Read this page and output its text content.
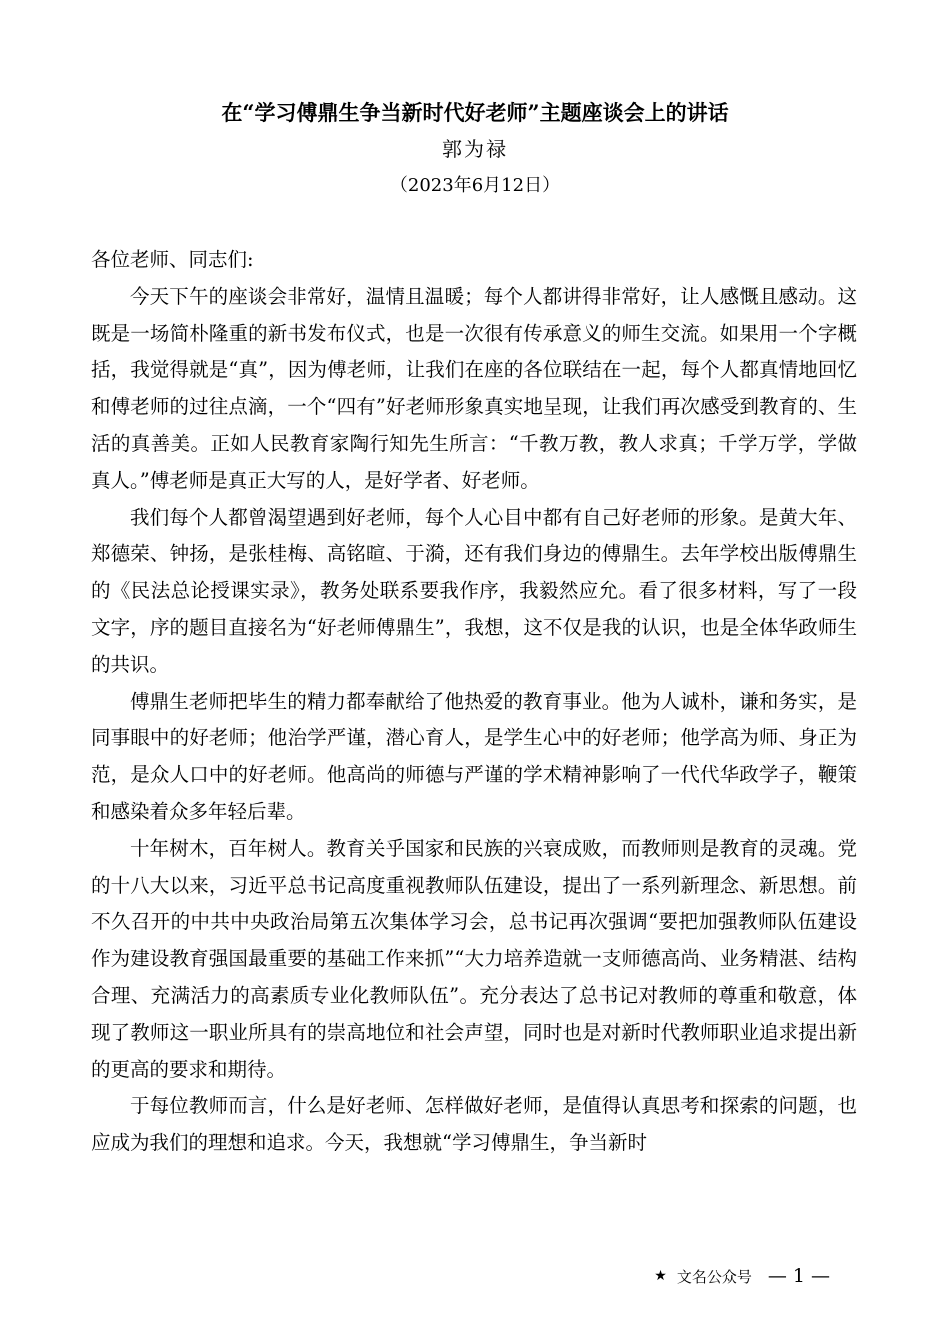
在“学习傅鼎生争当新时代好老师”主题座谈会上的讲话
郭为禄
（2023年6月12日）

各位老师、同志们:

今天下午的座谈会非常好，温情且温暖；每个人都讲得非常好，让人感慨且感动。这既是一场简朴隆重的新书发布仪式，也是一次很有传承意义的师生交流。如果用一个字概括，我觉得就是“真”，因为傅老师，让我们在座的各位联结在一起，每个人都真情地回忆和傅老师的过往点滴，一个“四有”好老师形象真实地呈现，让我们再次感受到教育的、生活的真善美。正如人民教育家陶行知先生所言：“千教万教，教人求真；千学万学，学做真人。”傅老师是真正大写的人，是好学者、好老师。

我们每个人都曾渴望遇到好老师，每个人心目中都有自己好老师的形象。是黄大年、郑德荣、钟扬，是张桂梅、高铭暄、于漪，还有我们身边的傅鼎生。去年学校出版傅鼎生的《民法总论授课实录》，教务处联系要我作序，我毅然应允。看了很多材料，写了一段文字，序的题目直接名为“好老师傅鼎生”，我想，这不仅是我的认识，也是全体华政师生的共识。

傅鼎生老师把毕生的精力都奉献给了他热爱的教育事业。他为人诚朴，谦和务实，是同事眼中的好老师；他治学严谨，潜心育人，是学生心中的好老师；他学高为师、身正为范，是众人口中的好老师。他高尚的师德与严谨的学术精神影响了一代代华政学子，鞭策和感染着众多年轻后辈。

十年树木，百年树人。教育关乎国家和民族的兴衰成败，而教师则是教育的灵魂。党的十八大以来，习近平总书记高度重视教师队伍建设，提出了一系列新理念、新思想。前不久召开的中共中央政治局第五次集体学习会，总书记再次强调“要把加强教师队伍建设作为建设教育强国最重要的基础工作来抓”“大力培养造就一支师德高尚、业务精湛、结构合理、充满活力的高素质专业化教师队伍”。充分表达了总书记对教师的尊重和敬意，体现了教师这一职业所具有的崇高地位和社会声望，同时也是对新时代教师职业追求提出新的更高的要求和期待。

于每位教师而言，什么是好老师、怎样做好老师，是值得认真思考和探索的问题，也应成为我们的理想和追求。今天，我想就“学习傅鼎生，争当新时

★ 文名公众号 — 1 —
